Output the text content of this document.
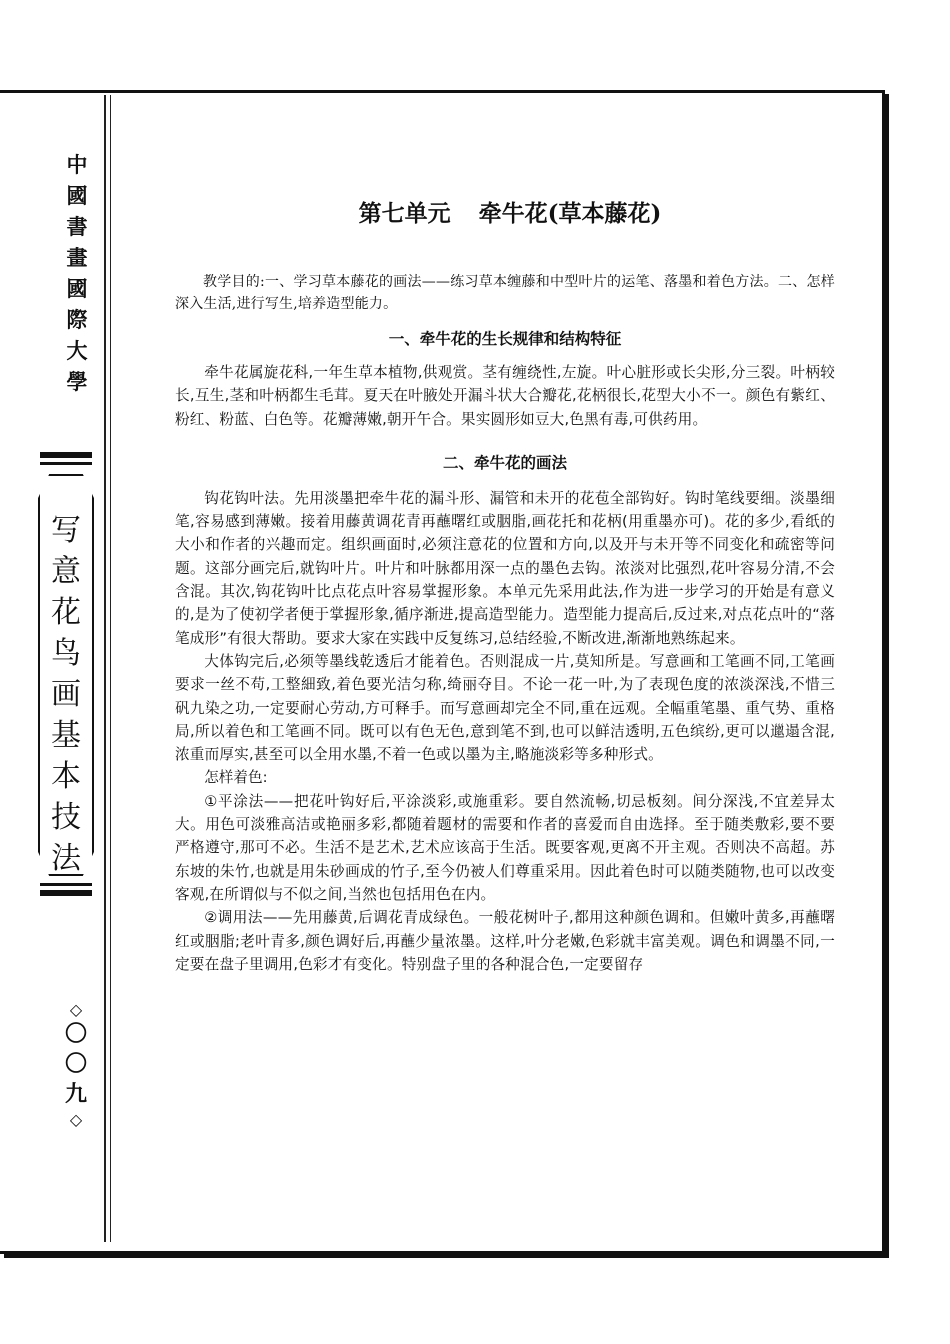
中
國
書
畫
國
際
大
學
写
意
花
鸟
画
基
本
技
法
◇
〇
〇
九
◇
第七单元 牵牛花(草本藤花)

教学目的:一、学习草本藤花的画法——练习草本缠藤和中型叶片的运笔、落墨和着色方法。二、怎样深入生活,进行写生,培养造型能力。

一、牵牛花的生长规律和结构特征

牵牛花属旋花科,一年生草本植物,供观赏。茎有缠绕性,左旋。叶心脏形或长尖形,分三裂。叶柄较长,互生,茎和叶柄都生毛茸。夏天在叶腋处开漏斗状大合瓣花,花柄很长,花型大小不一。颜色有紫红、粉红、粉蓝、白色等。花瓣薄嫩,朝开午合。果实圆形如豆大,色黑有毒,可供药用。

二、牵牛花的画法

钩花钩叶法。先用淡墨把牵牛花的漏斗形、漏管和未开的花苞全部钩好。钩时笔线要细。淡墨细笔,容易感到薄嫩。接着用藤黄调花青再蘸曙红或胭脂,画花托和花柄(用重墨亦可)。花的多少,看纸的大小和作者的兴趣而定。组织画面时,必须注意花的位置和方向,以及开与未开等不同变化和疏密等问题。这部分画完后,就钩叶片。叶片和叶脉都用深一点的墨色去钩。浓淡对比强烈,花叶容易分清,不会含混。其次,钩花钩叶比点花点叶容易掌握形象。本单元先采用此法,作为进一步学习的开始是有意义的,是为了使初学者便于掌握形象,循序渐进,提高造型能力。造型能力提高后,反过来,对点花点叶的“落笔成形”有很大帮助。要求大家在实践中反复练习,总结经验,不断改进,渐渐地熟练起来。

大体钩完后,必须等墨线乾透后才能着色。否则混成一片,莫知所是。写意画和工笔画不同,工笔画要求一丝不苟,工整細致,着色要光洁匀称,绮丽夺目。不论一花一叶,为了表现色度的浓淡深浅,不惜三矾九染之功,一定要耐心劳动,方可释手。而写意画却完全不同,重在远观。全幅重笔墨、重气势、重格局,所以着色和工笔画不同。既可以有色无色,意到笔不到,也可以鲜洁透明,五色缤纷,更可以邋遢含混,浓重而厚实,甚至可以全用水墨,不着一色或以墨为主,略施淡彩等多种形式。

怎样着色:

①平涂法——把花叶钩好后,平涂淡彩,或施重彩。要自然流畅,切忌板刻。间分深浅,不宜差异太大。用色可淡雅高洁或艳丽多彩,都随着题材的需要和作者的喜爱而自由选择。至于随类敷彩,要不要严格遵守,那可不必。生活不是艺术,艺术应该高于生活。既要客观,更离不开主观。否则决不高超。苏东坡的朱竹,也就是用朱砂画成的竹子,至今仍被人们尊重采用。因此着色时可以随类随物,也可以改变客观,在所谓似与不似之间,当然也包括用色在内。

②调用法——先用藤黄,后调花青成绿色。一般花树叶子,都用这种颜色调和。但嫩叶黄多,再蘸曙红或胭脂;老叶青多,颜色调好后,再蘸少量浓墨。这样,叶分老嫩,色彩就丰富美观。调色和调墨不同,一定要在盘子里调用,色彩才有变化。特别盘子里的各种混合色,一定要留存
